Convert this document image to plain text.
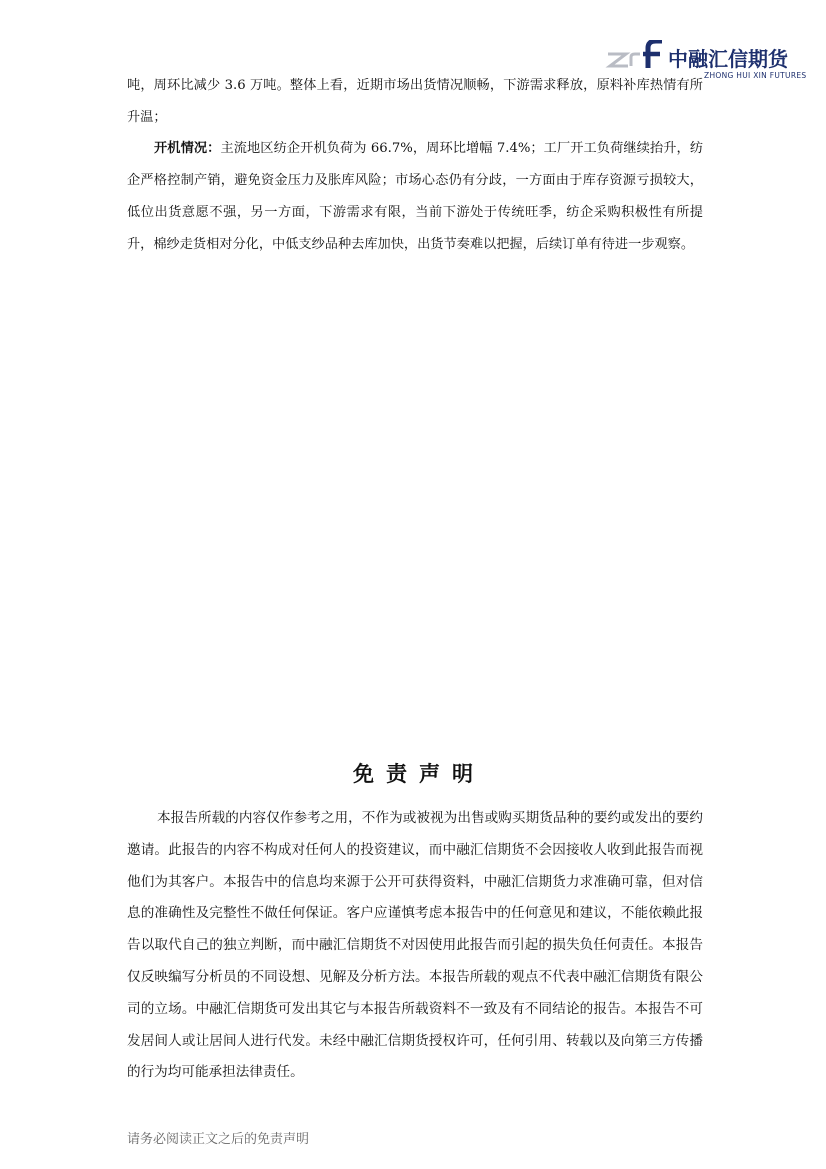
中融汇信期货
ZHONG HUI XIN FUTURES

吨，周环比减少 3.6 万吨。整体上看，近期市场出货情况顺畅，下游需求释放，原料补库热情有所升温；

开机情况：主流地区纺企开机负荷为 66.7%，周环比增幅 7.4%；工厂开工负荷继续抬升，纺企严格控制产销，避免资金压力及胀库风险；市场心态仍有分歧，一方面由于库存资源亏损较大，低位出货意愿不强，另一方面，下游需求有限，当前下游处于传统旺季，纺企采购积极性有所提升，棉纱走货相对分化，中低支纱品种去库加快，出货节奏难以把握，后续订单有待进一步观察。

免责声明

本报告所载的内容仅作参考之用，不作为或被视为出售或购买期货品种的要约或发出的要约邀请。此报告的内容不构成对任何人的投资建议，而中融汇信期货不会因接收人收到此报告而视他们为其客户。本报告中的信息均来源于公开可获得资料，中融汇信期货力求准确可靠，但对信息的准确性及完整性不做任何保证。客户应谨慎考虑本报告中的任何意见和建议，不能依赖此报告以取代自己的独立判断，而中融汇信期货不对因使用此报告而引起的损失负任何责任。本报告仅反映编写分析员的不同设想、见解及分析方法。本报告所载的观点不代表中融汇信期货有限公司的立场。中融汇信期货可发出其它与本报告所载资料不一致及有不同结论的报告。本报告不可发居间人或让居间人进行代发。未经中融汇信期货授权许可，任何引用、转载以及向第三方传播的行为均可能承担法律责任。

请务必阅读正文之后的免责声明
